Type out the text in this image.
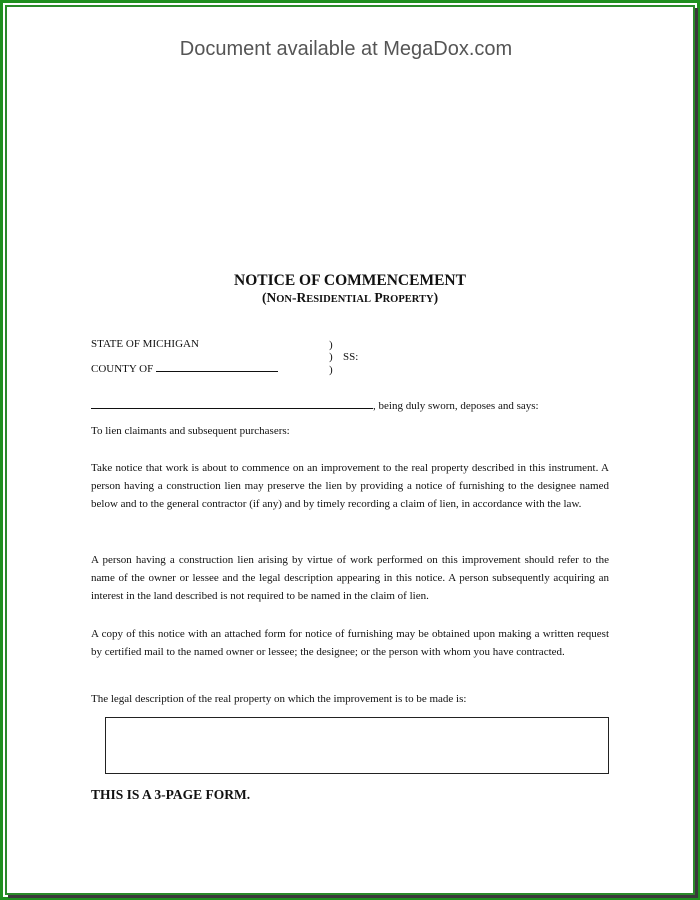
Document available at MegaDox.com
NOTICE OF COMMENCEMENT
(NON-RESIDENTIAL PROPERTY)
STATE OF MICHIGAN
COUNTY OF
)
) SS:
)
, being duly sworn, deposes and says:
To lien claimants and subsequent purchasers:
Take notice that work is about to commence on an improvement to the real property described in this instrument. A person having a construction lien may preserve the lien by providing a notice of furnishing to the designee named below and to the general contractor (if any) and by timely recording a claim of lien, in accordance with the law.
A person having a construction lien arising by virtue of work performed on this improvement should refer to the name of the owner or lessee and the legal description appearing in this notice. A person subsequently acquiring an interest in the land described is not required to be named in the claim of lien.
A copy of this notice with an attached form for notice of furnishing may be obtained upon making a written request by certified mail to the named owner or lessee; the designee; or the person with whom you have contracted.
The legal description of the real property on which the improvement is to be made is:
THIS IS A 3-PAGE FORM.
